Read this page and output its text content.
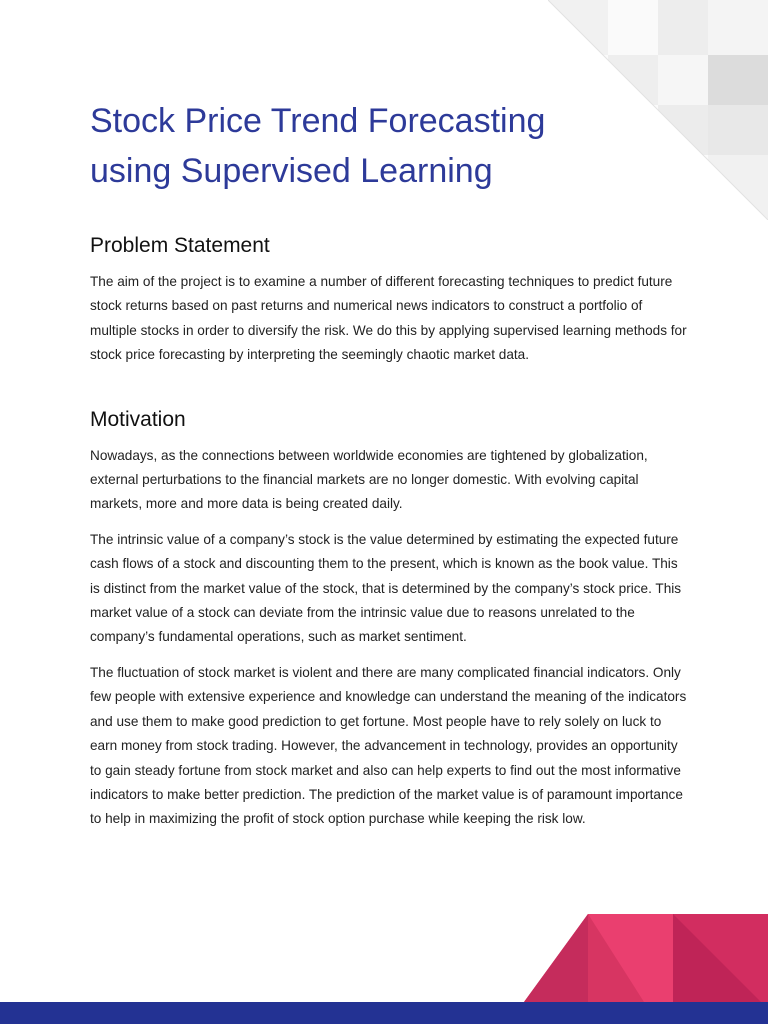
Stock Price Trend Forecasting using Supervised Learning
Problem Statement

The aim of the project is to examine a number of different forecasting techniques to predict future stock returns based on past returns and numerical news indicators to construct a portfolio of multiple stocks in order to diversify the risk. We do this by applying supervised learning methods for stock price forecasting by interpreting the seemingly chaotic market data.

Motivation

Nowadays, as the connections between worldwide economies are tightened by globalization, external perturbations to the financial markets are no longer domestic. With evolving capital markets, more and more data is being created daily.

The intrinsic value of a company’s stock is the value determined by estimating the expected future cash flows of a stock and discounting them to the present, which is known as the book value. This is distinct from the market value of the stock, that is determined by the company’s stock price. This market value of a stock can deviate from the intrinsic value due to reasons unrelated to the company’s fundamental operations, such as market sentiment.

The fluctuation of stock market is violent and there are many complicated financial indicators. Only few people with extensive experience and knowledge can understand the meaning of the indicators and use them to make good prediction to get fortune. Most people have to rely solely on luck to earn money from stock trading. However, the advancement in technology, provides an opportunity to gain steady fortune from stock market and also can help experts to find out the most informative indicators to make better prediction. The prediction of the market value is of paramount importance to help in maximizing the profit of stock option purchase while keeping the risk low.
